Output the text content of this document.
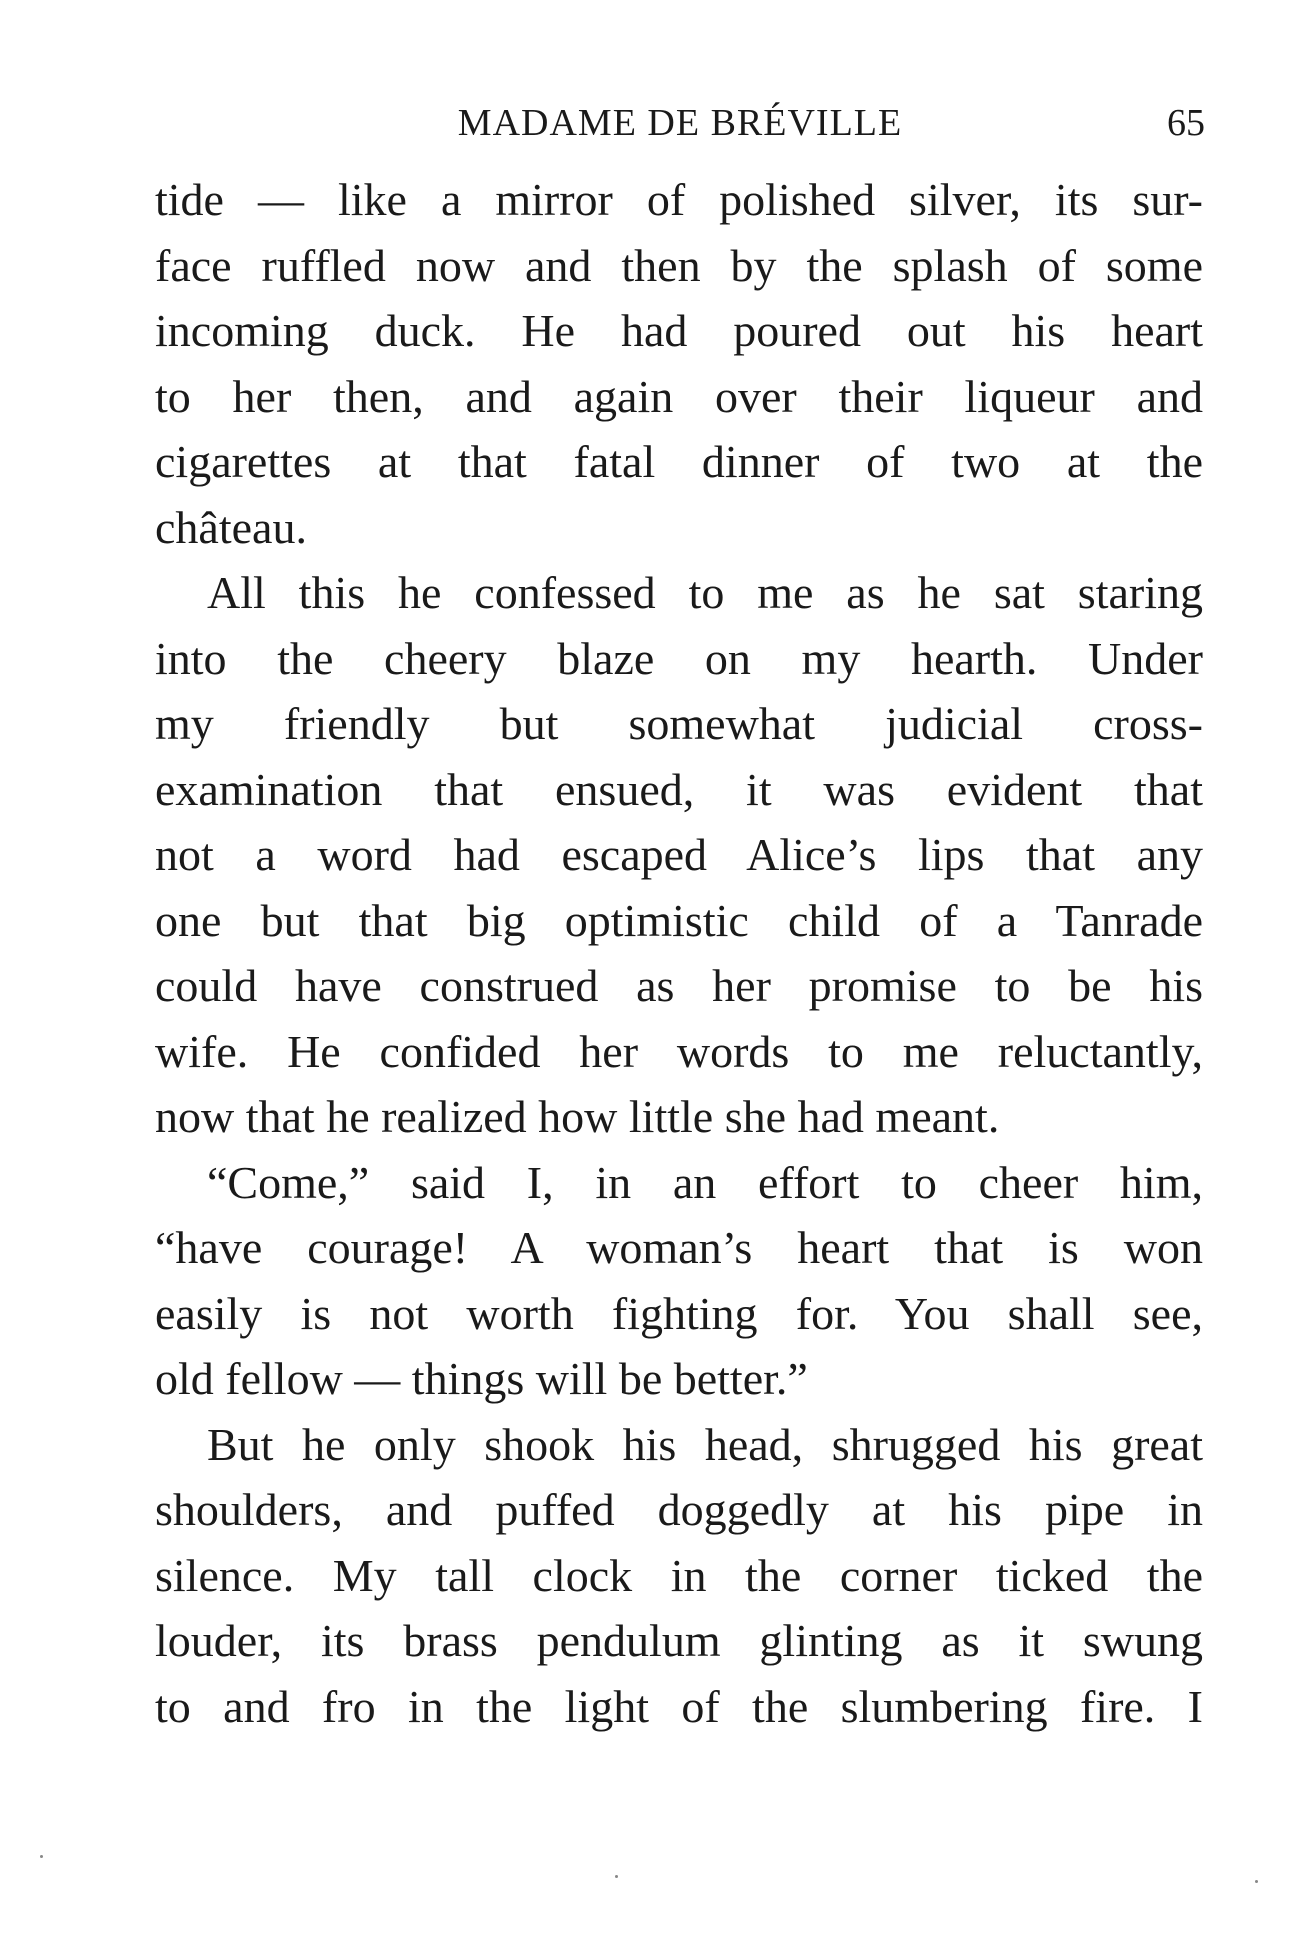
MADAME DE BRÉVILLE	65
tide — like a mirror of polished silver, its sur-
face ruffled now and then by the splash of some
incoming duck. He had poured out his heart
to her then, and again over their liqueur and
cigarettes at that fatal dinner of two at the
château.
All this he confessed to me as he sat staring
into the cheery blaze on my hearth. Under
my friendly but somewhat judicial cross-
examination that ensued, it was evident that
not a word had escaped Alice’s lips that any
one but that big optimistic child of a Tanrade
could have construed as her promise to be his
wife. He confided her words to me reluctantly,
now that he realized how little she had meant.
“Come,” said I, in an effort to cheer him,
“have courage! A woman’s heart that is won
easily is not worth fighting for. You shall see,
old fellow — things will be better.”
But he only shook his head, shrugged his great
shoulders, and puffed doggedly at his pipe in
silence. My tall clock in the corner ticked the
louder, its brass pendulum glinting as it swung
to and fro in the light of the slumbering fire. I
